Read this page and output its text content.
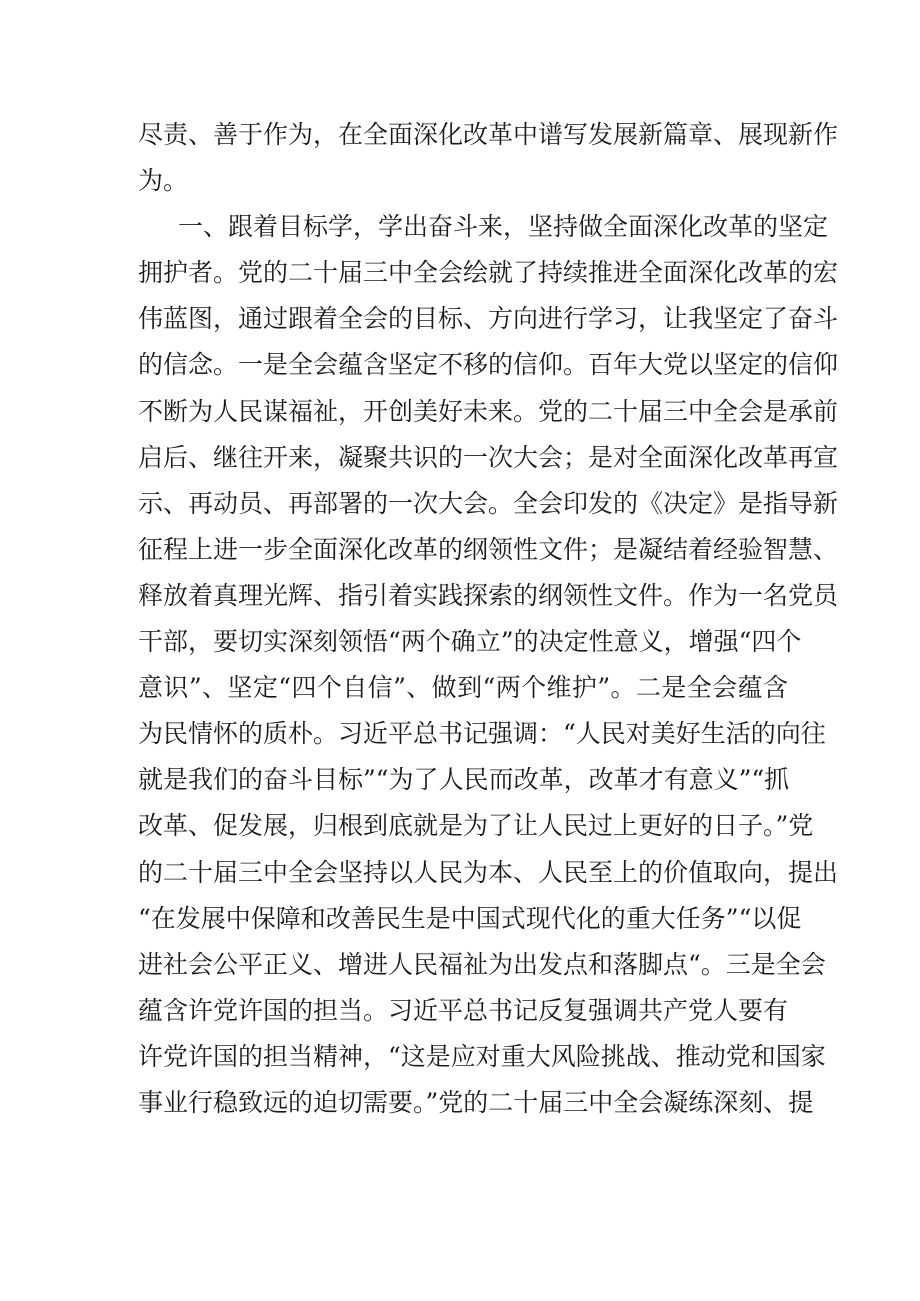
尽责、善于作为，在全面深化改革中谱写发展新篇章、展现新作
为。
一、跟着目标学，学出奋斗来，坚持做全面深化改革的坚定
拥护者。党的二十届三中全会绘就了持续推进全面深化改革的宏
伟蓝图，通过跟着全会的目标、方向进行学习，让我坚定了奋斗
的信念。一是全会蕴含坚定不移的信仰。百年大党以坚定的信仰
不断为人民谋福祉，开创美好未来。党的二十届三中全会是承前
启后、继往开来，凝聚共识的一次大会；是对全面深化改革再宣
示、再动员、再部署的一次大会。全会印发的《决定》是指导新
征程上进一步全面深化改革的纲领性文件；是凝结着经验智慧、
释放着真理光辉、指引着实践探索的纲领性文件。作为一名党员
干部，要切实深刻领悟“两个确立”的决定性意义，增强“四个
意识”、坚定“四个自信”、做到“两个维护”。二是全会蕴含
为民情怀的质朴。习近平总书记强调：“人民对美好生活的向往
就是我们的奋斗目标”“为了人民而改革，改革才有意义”“抓
改革、促发展，归根到底就是为了让人民过上更好的日子。”党
的二十届三中全会坚持以人民为本、人民至上的价值取向，提出
“在发展中保障和改善民生是中国式现代化的重大任务”“以促
进社会公平正义、增进人民福祉为出发点和落脚点“。三是全会
蕴含许党许国的担当。习近平总书记反复强调共产党人要有
许党许国的担当精神，“这是应对重大风险挑战、推动党和国家
事业行稳致远的迫切需要。”党的二十届三中全会凝练深刻、提
